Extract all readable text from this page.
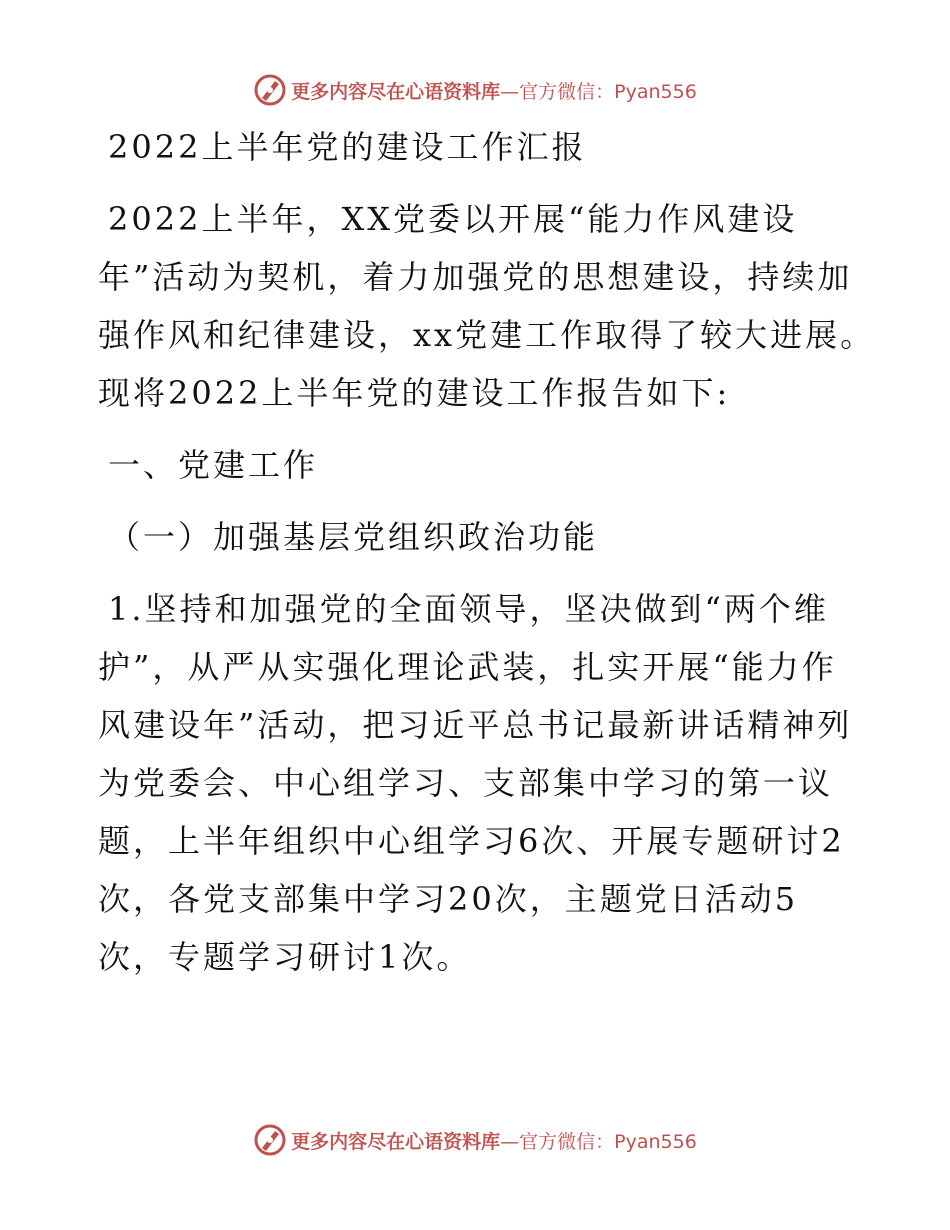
更多内容尽在心语资料库—官方微信：Pyan556
2022上半年党的建设工作汇报
2022上半年，XX党委以开展“能力作风建设
年”活动为契机，着力加强党的思想建设，持续加
强作风和纪律建设，xx党建工作取得了较大进展。
现将2022上半年党的建设工作报告如下:
一、党建工作
（一）加强基层党组织政治功能
1.坚持和加强党的全面领导，坚决做到“两个维
护”，从严从实强化理论武装，扎实开展“能力作
风建设年”活动，把习近平总书记最新讲话精神列
为党委会、中心组学习、支部集中学习的第一议
题，上半年组织中心组学习6次、开展专题研讨2
次，各党支部集中学习20次，主题党日活动5
次，专题学习研讨1次。
更多内容尽在心语资料库—官方微信：Pyan556
